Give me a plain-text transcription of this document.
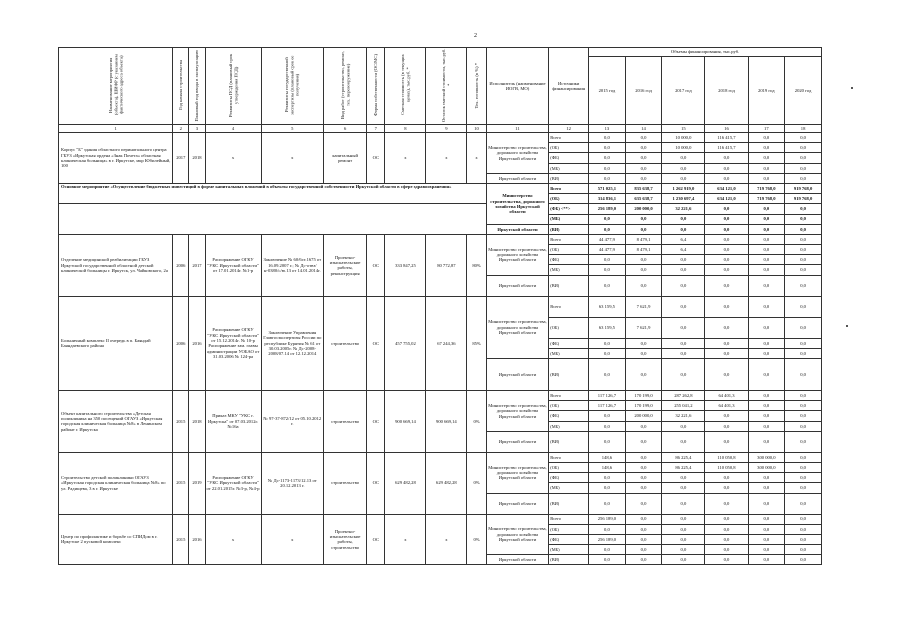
2
Наименование мероприятия (объекта), ШИФР (с указанием фактического адреса объекта)	Год начала строительства	Плановый год ввода в эксплуатацию	Реквизиты ПСД (плановый срок утверждения ПСД)	Реквизиты государственной экспертизы (плановый срок ее получения)	Вид работ (строительство, ремонт, тех. перевооружение)	Форма собственности (ОС/МС)	Сметная стоимость (в текущих ценах), тыс.руб. *	Остаток сметной стоимости, тыс.руб. *	Тех. готовность (в %) *	Исполнитель (наименование ИОГВ, МО)	Источники финансирования	Объемы финансирования, тыс.руб.					
												2015 год	2016 год	2017 год	2018 год	2019 год	2020 год
1	2	3	4	5	6	7	8	9	10	11	12	13	14	15	16	17	18
Корпус "Б" здания областного перинатального центра ГБУЗ «Иркутская ордена «Знак Почета» областная клиническая больница» в г. Иркутске, мкр Юбилейный, 100	2017	2018	х	х	капитальный ремонт	ОС	х	х	х	Министерство строительства, дорожного хозяйства Иркутской области	Всего	0,0	0,0	10 000,0	116 415,7	0,0	0,0
											(ОБ)	0,0	0,0	10 000,0	116 415,7	0,0	0,0
											(ФБ)	0,0	0,0	0,0	0,0	0,0	0,0
											(МБ)	0,0	0,0	0,0	0,0	0,0	0,0
										Иркутской области	(ВИ)	0,0	0,0	0,0	0,0	0,0	0,0
Основное мероприятие «Осуществление бюджетных инвестиций в форме капитальных вложений в объекты государственной собственности Иркутской области в сфере здравоохранения»										Министерство строительства, дорожного хозяйства Иркутской области	Всего	571 025,1	835 638,7	1 262 919,0	634 121,0	719 768,0	919 768,0
											(ОБ)	314 836,1	635 638,7	1 230 697,4	634 121,0	719 768,0	919 768,0
											(ФБ) <**>	256 189,0	200 000,0	32 221,6	0,0	0,0	0,0
											(МБ)	0,0	0,0	0,0	0,0	0,0	0,0
										Иркутской области	(ВИ)	0,0	0,0	0,0	0,0	0,0	0,0
Отделение медицинской реабилитации ГБУЗ Иркутской государственной областной детской клинической больницы г. Иркутск, ул. Чайковского, 2а	2006	2017	Распоряжение ОГКУ "УКС Иркутской области" от 17.01.2014г. №1-р	Заключение № 60/6ст.1675 от 16.09.2007 г.; № Дс-отвз/н-0380/с/ю.13 от 14.01.2014г.	Проектно-изыскательские работы, реконструкция	ОС	333 847,25	80 772,87	80%	Министерство строительства, дорожного хозяйства Иркутской области	Всего	44 477,9	8 479,1	6,4	0,0	0,0	0,0
											(ОБ)	44 477,9	8 479,1	6,4	0,0	0,0	0,0
											(ФБ)	0,0	0,0	0,0	0,0	0,0	0,0
											(МБ)	0,0	0,0	0,0	0,0	0,0	0,0
										Иркутской области	(ВИ)	0,0	0,0	0,0	0,0	0,0	0,0
Больничный комплекс II очередь в п. Баяндай Баяндаевского района	2006	2016	Распоряжение ОГКУ "УКС Иркутской области" от 15.12.2014г. № 10-р Распоряжение зам. главы администрации УОБАО от 31.03.2006 № 124-ра	Заключение Управления Главгосэкспертизы России по республике Бурятия № 61 от 30.03.2005г. № Дс-2008-2008/07.14 от 12.12.2014	строительство	ОС	457 755,02	67 244,36	85%	Министерство строительства, дорожного хозяйства Иркутской области	Всего	63 159,5	7 621,9	0,0	0,0	0,0	0,0
											(ОБ)	63 159,5	7 621,9	0,0	0,0	0,0	0,0
											(ФБ)	0,0	0,0	0,0	0,0	0,0	0,0
											(МБ)	0,0	0,0	0,0	0,0	0,0	0,0
										Иркутской области	(ВИ)	0,0	0,0	0,0	0,0	0,0	0,0
Объект капитального строительства «Детская поликлиника на 350 посещений ОГАУЗ «Иркутская городская клиническая больница №8» в Ленинском районе г. Иркутска	2015	2018	Приказ МКУ "УКС г. Иркутска" от 07.03.2012г. №16а	№ 97-37-872/12 от 05.10.2012 г.	строительство	ОС	900 669,14	900 669,14	0%	Министерство строительства, дорожного хозяйства Иркутской области	Всего	117 126,7	170 199,0	287 262,8	64 401,3	0,0	0,0
											(ОБ)	117 126,7	170 199,0	255 041,2	64 401,3	0,0	0,0
											(ФБ)	0,0	200 000,0	32 221,6	0,0	0,0	0,0
											(МБ)	0,0	0,0	0,0	0,0	0,0	0,0
										Иркутской области	(ВИ)	0,0	0,0	0,0	0,0	0,0	0,0
Строительство детской поликлиники ОГАУЗ «Иркутская городская клиническая больница №8» по ул. Радищева, 3 в г. Иркутске	2015	2019	Распоряжение ОГКУ "УКС Иркутской области" от 22.01.2015г. №3-р, №4-р	№ Дс-1173-1173/12.13 от 20.12.2013 г.	строительство	ОС	629 482,28	629 482,28	0%	Министерство строительства, дорожного хозяйства Иркутской области	Всего	148,6	0,0	86 225,4	110 050,8	300 000,0	0,0
											(ОБ)	148,6	0,0	86 225,4	110 050,8	300 000,0	0,0
											(ФБ)	0,0	0,0	0,0	0,0	0,0	0,0
											(МБ)	0,0	0,0	0,0	0,0	0,0	0,0
										Иркутской области	(ВИ)	0,0	0,0	0,0	0,0	0,0	0,0
Центр по профилактике и борьбе со СПИДом в г. Иркутске 2 пусковой комплекс	2015	2016	х	х	Проектно-изыскательские работы, строительство	ОС	х	х	0%	Министерство строительства, дорожного хозяйства Иркутской области	Всего	256 189,0	0,0	0,0	0,0	0,0	0,0
											(ОБ)	0,0	0,0	0,0	0,0	0,0	0,0
											(ФБ)	256 189,0	0,0	0,0	0,0	0,0	0,0
											(МБ)	0,0	0,0	0,0	0,0	0,0	0,0
										Иркутской области	(ВИ)	0,0	0,0	0,0	0,0	0,0	0,0
